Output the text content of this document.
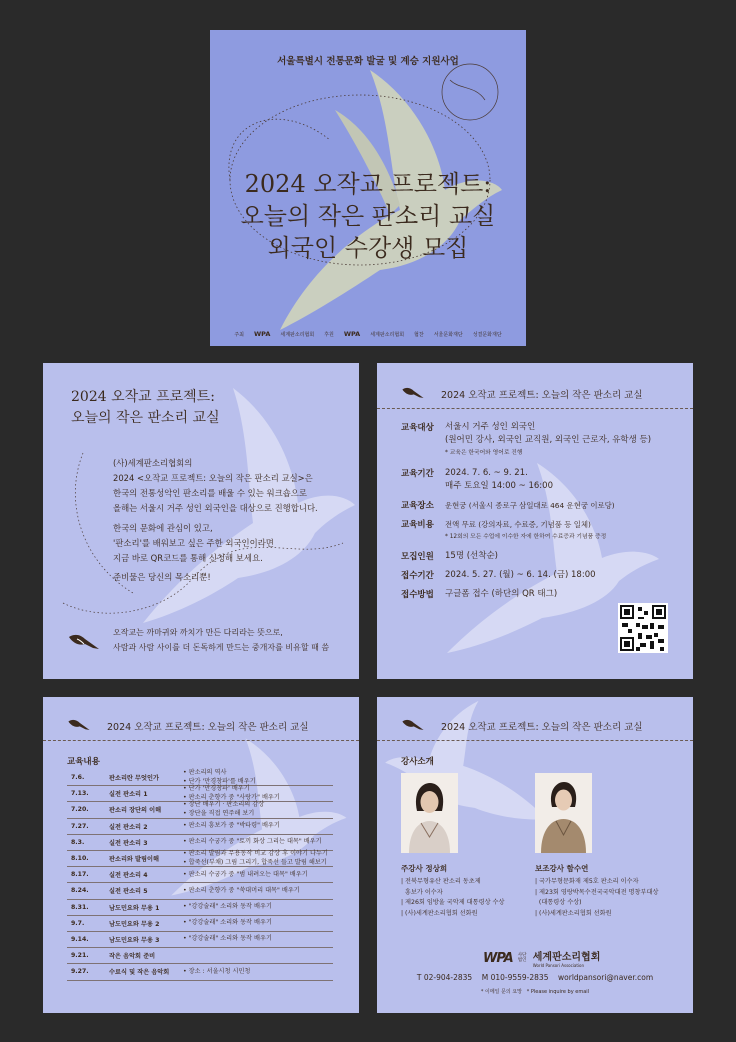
서울특별시 전통문화 발굴 및 계승 지원사업
2024 오작교 프로젝트:
오늘의 작은 판소리 교실
외국인 수강생 모집
주최 WPA 세계판소리협회 후원 WPA 세계판소리협회 협찬 서울문화재단 성결문화재단
2024 오작교 프로젝트:
오늘의 작은 판소리 교실
(사)세계판소리협회의
2024 <오작교 프로젝트: 오늘의 작은 판소리 교실>은
한국의 전통성악인 판소리를 배울 수 있는 워크숍으로
올해는 서울시 거주 성인 외국인을 대상으로 진행합니다.
한국의 문화에 관심이 있고,
'판소리'를 배워보고 싶은 주한 외국인이라면
지금 바로 QR코드를 통해 신청해 보세요.
준비물은 당신의 목소리뿐!
오작교는 까마귀와 까치가 만든 다리라는 뜻으로,
사람과 사람 사이를 더 돈독하게 만드는 중개자를 비유할 때 씀
2024 오작교 프로젝트: 오늘의 작은 판소리 교실
교육대상	서울시 거주 성인 외국인
(원어민 강사, 외국인 교직원, 외국인 근로자, 유학생 등)
* 교육은 한국어와 영어로 진행
교육기간	2024. 7. 6. ~ 9. 21.
매주 토요일 14:00 ~ 16:00
교육장소	운현궁 (서울시 종로구 삼일대로 464 운현궁 이로당)
교육비용	전액 무료 (강의자료, 수료증, 기념품 등 일체)
* 12회의 모든 수업에 이수한 자에 한하여 수료증과 기념품 증정
모집인원	15명 (선착순)
접수기간	2024. 5. 27. (월) ~ 6. 14. (금) 18:00
접수방법	구글폼 접수 (하단의 QR 태그)
2024 오작교 프로젝트: 오늘의 작은 판소리 교실
교육내용
7.6.	판소리란 무엇인가
• 판소리의 역사
• 단가 '만경창파'를 배우기
7.13.	실전 판소리 1
• 단가 '만경창파' 배우기
• 판소리 춘향가 중 "사랑가" 배우기
7.20.	판소리 장단의 이해
• 장단 배우기 · 판소리의 감상
• 장단을 직접 연주해 보기
7.27.	실전 판소리 2	• 판소리 흥보가 중 "박타령" 배우기
8.3.	실전 판소리 3	• 판소리 수궁가 중 "토끼 화상 그리는 대목" 배우기
8.10.	판소리와 발림이해
• 판소리 발림과 무용동작 비교 감상 후 이야기 나누기
• 합죽선(부채) 그림 그리기, 합죽선 들고 발림 해보기
8.17.	실전 판소리 4	• 판소리 수궁가 중 "범 내려오는 대목" 배우기
8.24.	실전 판소리 5	• 판소리 춘향가 중 "쑥대머리 대목" 배우기
8.31.	남도민요와 무용 1	• "강강술래" 소리와 동작 배우기
9.7.	남도민요와 무용 2	• "강강술래" 소리와 동작 배우기
9.14.	남도민요와 무용 3	• "강강술래" 소리와 동작 배우기
9.21.	작은 음악회 준비
9.27.	수료식 및 작은 음악회	• 장소 : 서울시청 시민청
2024 오작교 프로젝트: 오늘의 작은 판소리 교실
강사소개
주강사 정상희
| 전북무형유산 판소리 동초제
흥보가 이수자
| 제26회 임방울 국악제 대통령상 수상
| (사)세계판소리협회 선화원
보조강사 함수연
| 국가무형문화재 제5호 판소리 이수자
| 제23회 영랑박목수전국국악대전 명창부대상
(대통령상 수상)
| (사)세계판소리협회 선화원
WPA 사단법인 세계판소리협회
World Pansori Association
T 02-904-2835    M 010-9559-2835    worldpansori@naver.com
* 이메일 문의 요망   * Please inquire by email
